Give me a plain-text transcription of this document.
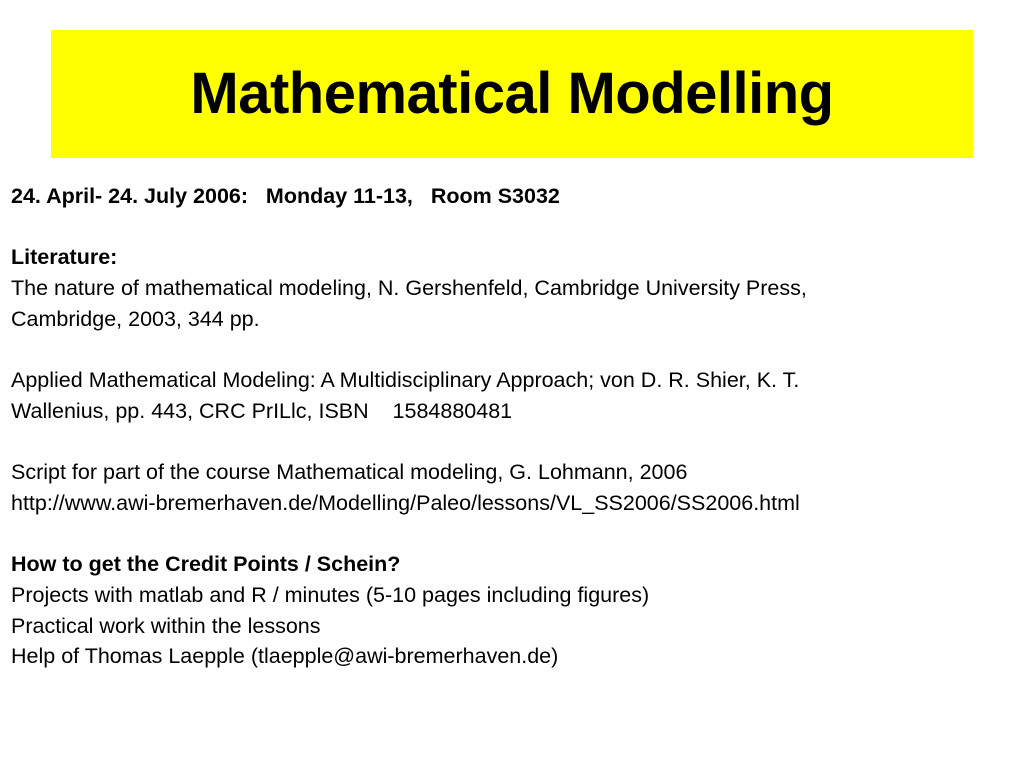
Mathematical Modelling

24. April- 24. July 2006:   Monday 11-13,   Room S3032

Literature:

The nature of mathematical modeling, N. Gershenfeld, Cambridge University Press,

Cambridge, 2003, 344 pp.

Applied Mathematical Modeling: A Multidisciplinary Approach; von D. R. Shier, K. T.

Wallenius, pp. 443, CRC PrILlc, ISBN    1584880481

Script for part of the course Mathematical modeling, G. Lohmann, 2006

http://www.awi-bremerhaven.de/Modelling/Paleo/lessons/VL_SS2006/SS2006.html

How to get the Credit Points / Schein?

Projects with matlab and R / minutes (5-10 pages including figures)

Practical work within the lessons

Help of Thomas Laepple (tlaepple@awi-bremerhaven.de)
